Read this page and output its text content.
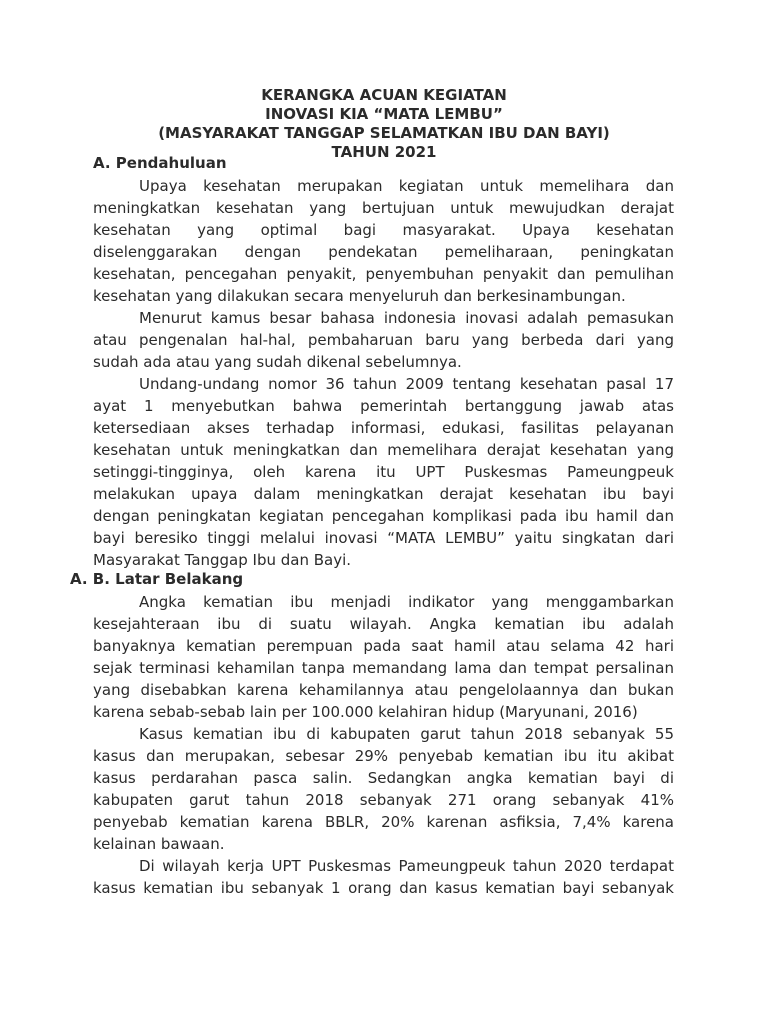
KERANGKA ACUAN KEGIATAN
INOVASI KIA “MATA LEMBU”
(MASYARAKAT TANGGAP SELAMATKAN IBU DAN BAYI)
TAHUN 2021
A. Pendahuluan
Upaya kesehatan merupakan kegiatan untuk memelihara dan
meningkatkan kesehatan yang bertujuan untuk mewujudkan derajat
kesehatan yang optimal bagi masyarakat. Upaya kesehatan
diselenggarakan dengan pendekatan pemeliharaan, peningkatan
kesehatan, pencegahan penyakit, penyembuhan penyakit dan pemulihan
kesehatan yang dilakukan secara menyeluruh dan berkesinambungan.
Menurut kamus besar bahasa indonesia inovasi adalah pemasukan
atau pengenalan hal-hal, pembaharuan baru yang berbeda dari yang
sudah ada atau yang sudah dikenal sebelumnya.
Undang-undang nomor 36 tahun 2009 tentang kesehatan pasal 17
ayat 1 menyebutkan bahwa pemerintah bertanggung jawab atas
ketersediaan akses terhadap informasi, edukasi, fasilitas pelayanan
kesehatan untuk meningkatkan dan memelihara derajat kesehatan yang
setinggi-tingginya, oleh karena itu UPT Puskesmas Pameungpeuk
melakukan upaya dalam meningkatkan derajat kesehatan ibu bayi
dengan peningkatan kegiatan pencegahan komplikasi pada ibu hamil dan
bayi beresiko tinggi melalui inovasi “MATA LEMBU” yaitu singkatan dari
Masyarakat Tanggap Ibu dan Bayi.
A. B. Latar Belakang
Angka kematian ibu menjadi indikator yang menggambarkan
kesejahteraan ibu di suatu wilayah. Angka kematian ibu adalah
banyaknya kematian perempuan pada saat hamil atau selama 42 hari
sejak terminasi kehamilan tanpa memandang lama dan tempat persalinan
yang disebabkan karena kehamilannya atau pengelolaannya dan bukan
karena sebab-sebab lain per 100.000 kelahiran hidup (Maryunani, 2016)
Kasus kematian ibu di kabupaten garut tahun 2018 sebanyak 55
kasus dan merupakan, sebesar 29% penyebab kematian ibu itu akibat
kasus perdarahan pasca salin. Sedangkan angka kematian bayi di
kabupaten garut tahun 2018 sebanyak 271 orang sebanyak 41%
penyebab kematian karena BBLR, 20% karenan asfiksia, 7,4% karena
kelainan bawaan.
Di wilayah kerja UPT Puskesmas Pameungpeuk tahun 2020 terdapat
kasus kematian ibu sebanyak 1 orang dan kasus kematian bayi sebanyak
